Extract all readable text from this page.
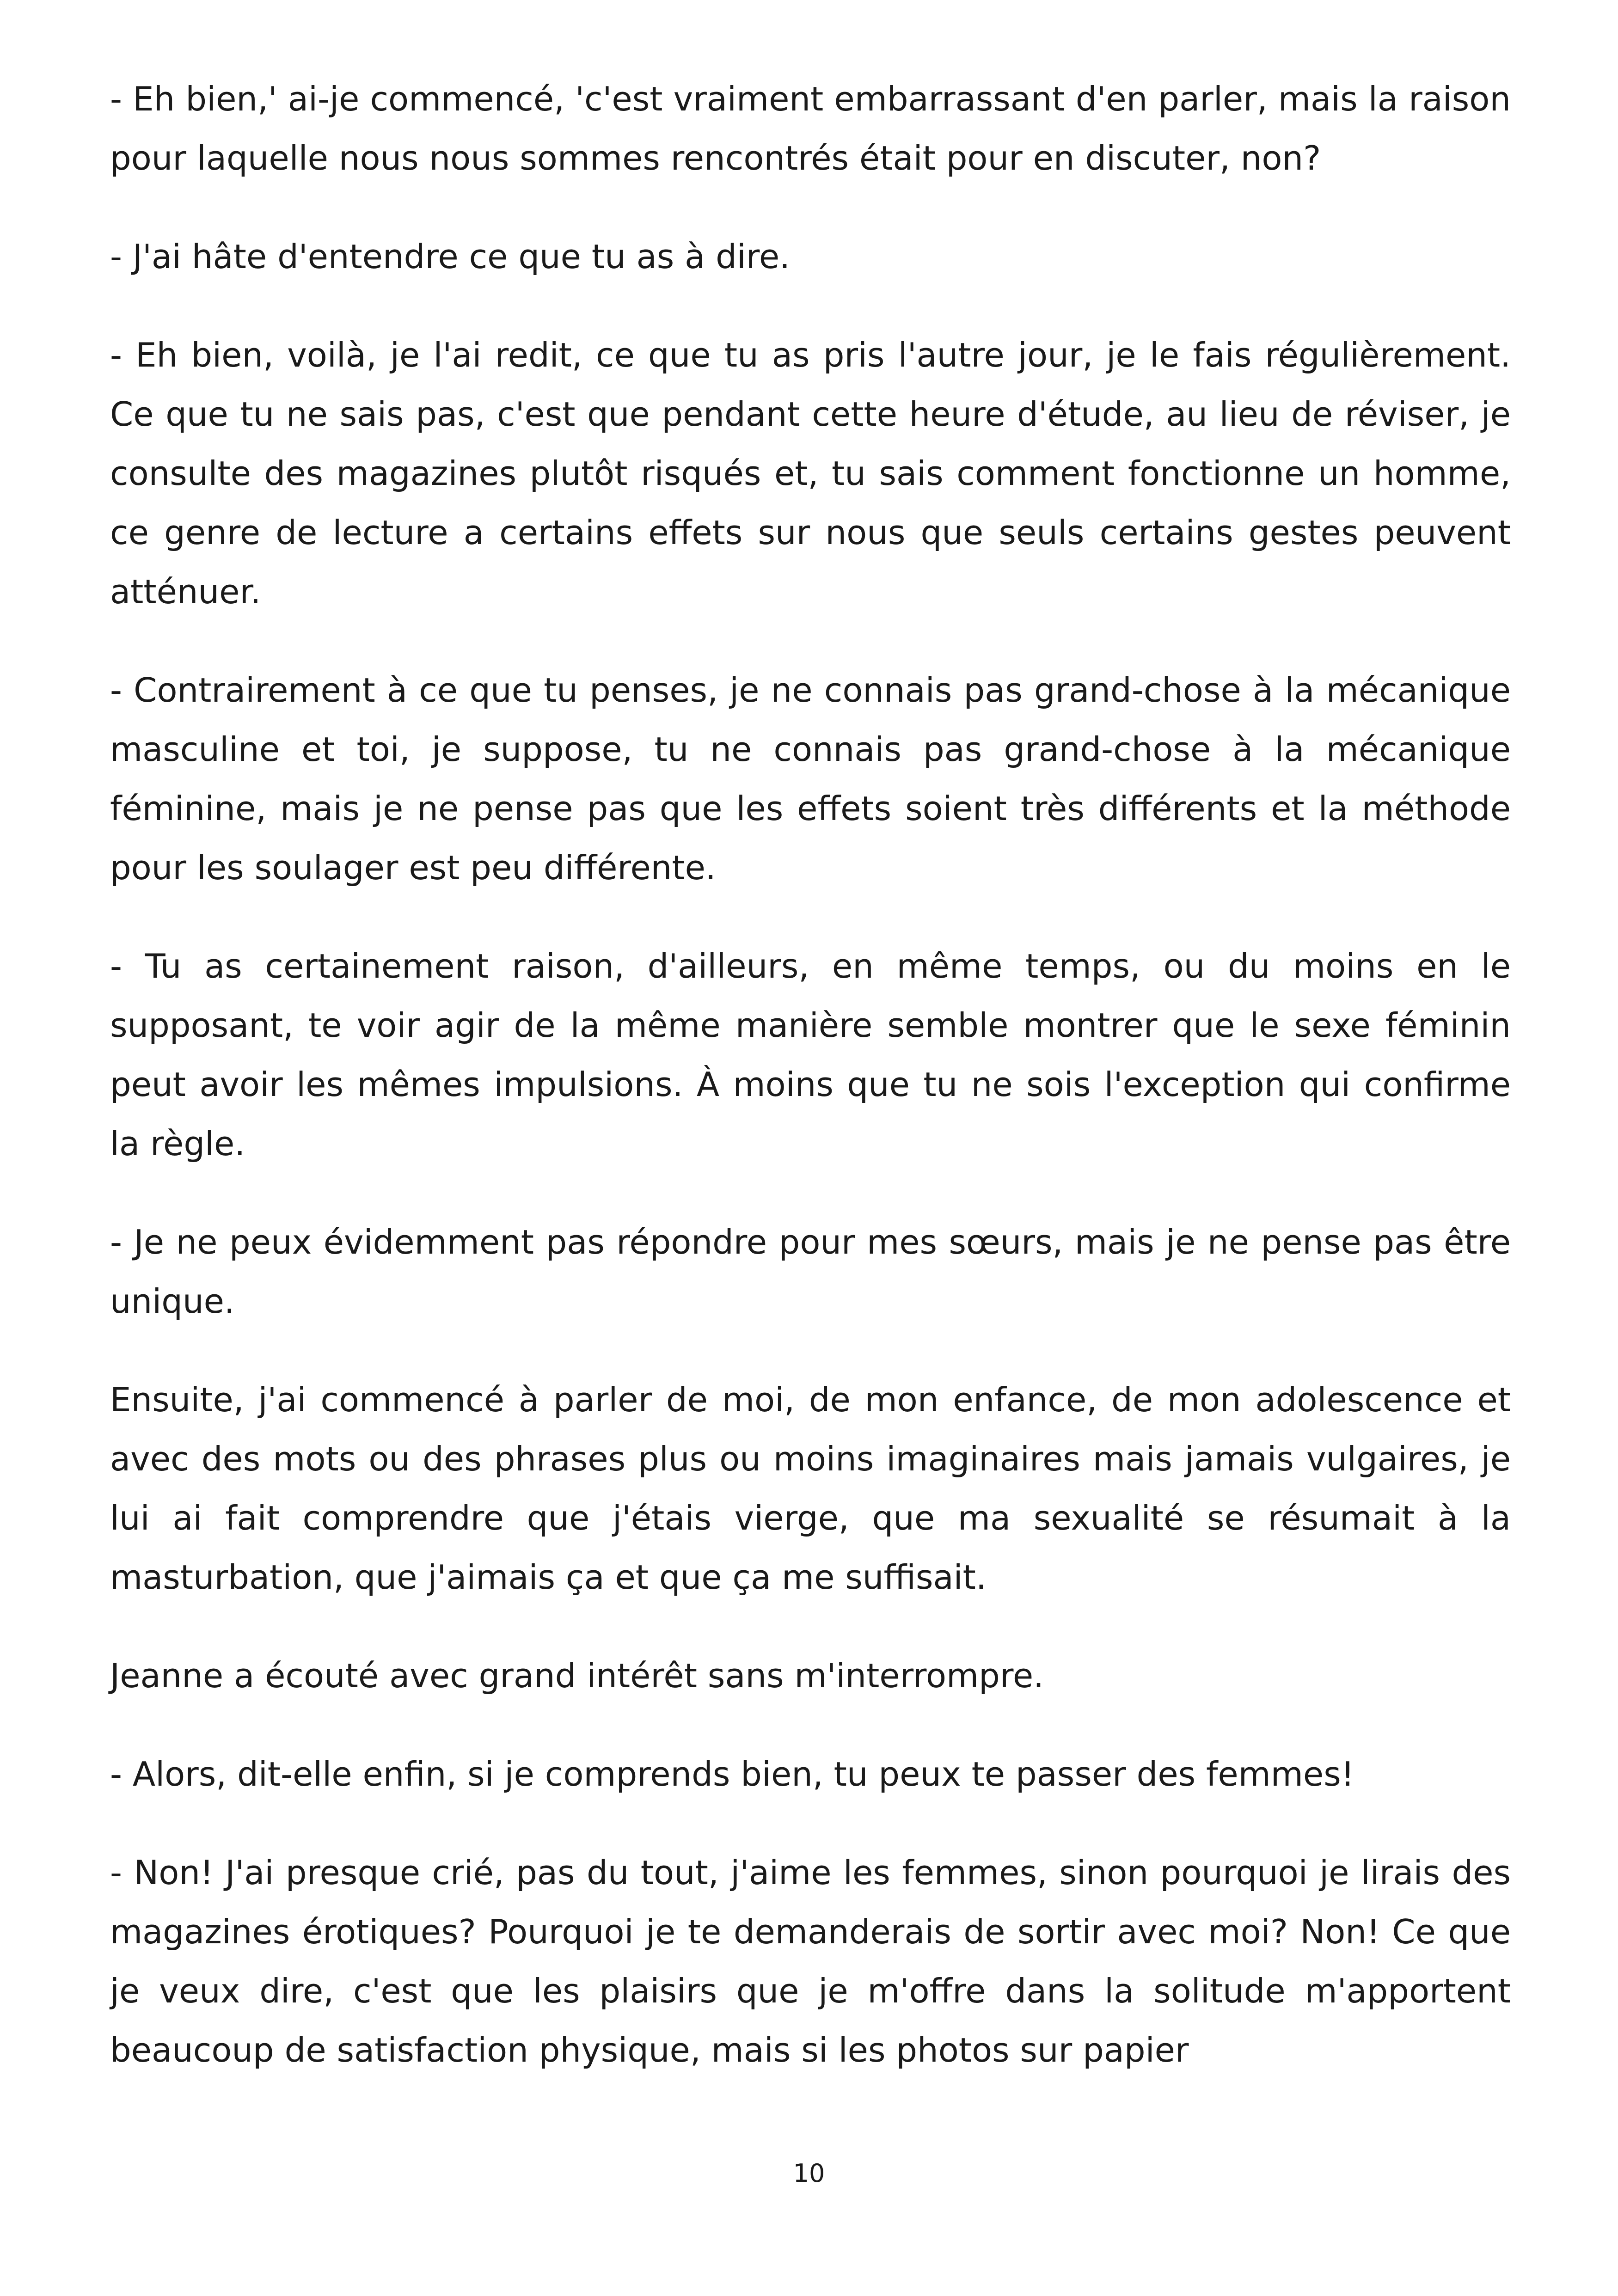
- Eh bien,' ai-je commencé, 'c'est vraiment embarrassant d'en parler, mais la raison pour laquelle nous nous sommes rencontrés était pour en discuter, non?

- J'ai hâte d'entendre ce que tu as à dire.

- Eh bien, voilà, je l'ai redit, ce que tu as pris l'autre jour, je le fais régulièrement. Ce que tu ne sais pas, c'est que pendant cette heure d'étude, au lieu de réviser, je consulte des magazines plutôt risqués et, tu sais comment fonctionne un homme, ce genre de lecture a certains effets sur nous que seuls certains gestes peuvent atténuer.

- Contrairement à ce que tu penses, je ne connais pas grand-chose à la mécanique masculine et toi, je suppose, tu ne connais pas grand-chose à la mécanique féminine, mais je ne pense pas que les effets soient très différents et la méthode pour les soulager est peu différente.

- Tu as certainement raison, d'ailleurs, en même temps, ou du moins en le supposant, te voir agir de la même manière semble montrer que le sexe féminin peut avoir les mêmes impulsions. À moins que tu ne sois l'exception qui confirme la règle.

- Je ne peux évidemment pas répondre pour mes sœurs, mais je ne pense pas être unique.

Ensuite, j'ai commencé à parler de moi, de mon enfance, de mon adolescence et avec des mots ou des phrases plus ou moins imaginaires mais jamais vulgaires, je lui ai fait comprendre que j'étais vierge, que ma sexualité se résumait à la masturbation, que j'aimais ça et que ça me suffisait.

Jeanne a écouté avec grand intérêt sans m'interrompre.

- Alors, dit-elle enfin, si je comprends bien, tu peux te passer des femmes!

- Non! J'ai presque crié, pas du tout, j'aime les femmes, sinon pourquoi je lirais des magazines érotiques? Pourquoi je te demanderais de sortir avec moi? Non! Ce que je veux dire, c'est que les plaisirs que je m'offre dans la solitude m'apportent beaucoup de satisfaction physique, mais si les photos sur papier

10
